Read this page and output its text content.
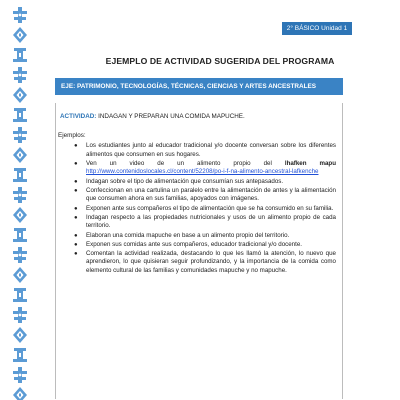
2° BÁSICO Unidad 1
EJEMPLO DE ACTIVIDAD SUGERIDA DEL PROGRAMA
EJE: PATRIMONIO, TECNOLOGÍAS, TÉCNICAS, CIENCIAS Y ARTES ANCESTRALES
ACTIVIDAD: INDAGAN Y PREPARAN UNA COMIDA MAPUCHE.
Ejemplos:
● Los estudiantes junto al educador tradicional y/o docente conversan sobre los diferentes alimentos que consumen en sus hogares.
● Ven un video de un alimento propio del lhafken mapu http://www.contenidoslocales.cl/content/52208/po-i-f-na-alimento-ancestral-lafkenche
● Indagan sobre el tipo de alimentación que consumían sus antepasados.
● Confeccionan en una cartulina un paralelo entre la alimentación de antes y la alimentación que consumen ahora en sus familias, apoyados con imágenes.
● Exponen ante sus compañeros el tipo de alimentación que se ha consumido en su familia.
● Indagan respecto a las propiedades nutricionales y usos de un alimento propio de cada territorio.
● Elaboran una comida mapuche en base a un alimento propio del territorio.
● Exponen sus comidas ante sus compañeros, educador tradicional y/o docente.
● Comentan la actividad realizada, destacando lo que les llamó la atención, lo nuevo que aprendieron, lo que quisieran seguir profundizando, y la importancia de la comida como elemento cultural de las familias y comunidades mapuche y no mapuche.
